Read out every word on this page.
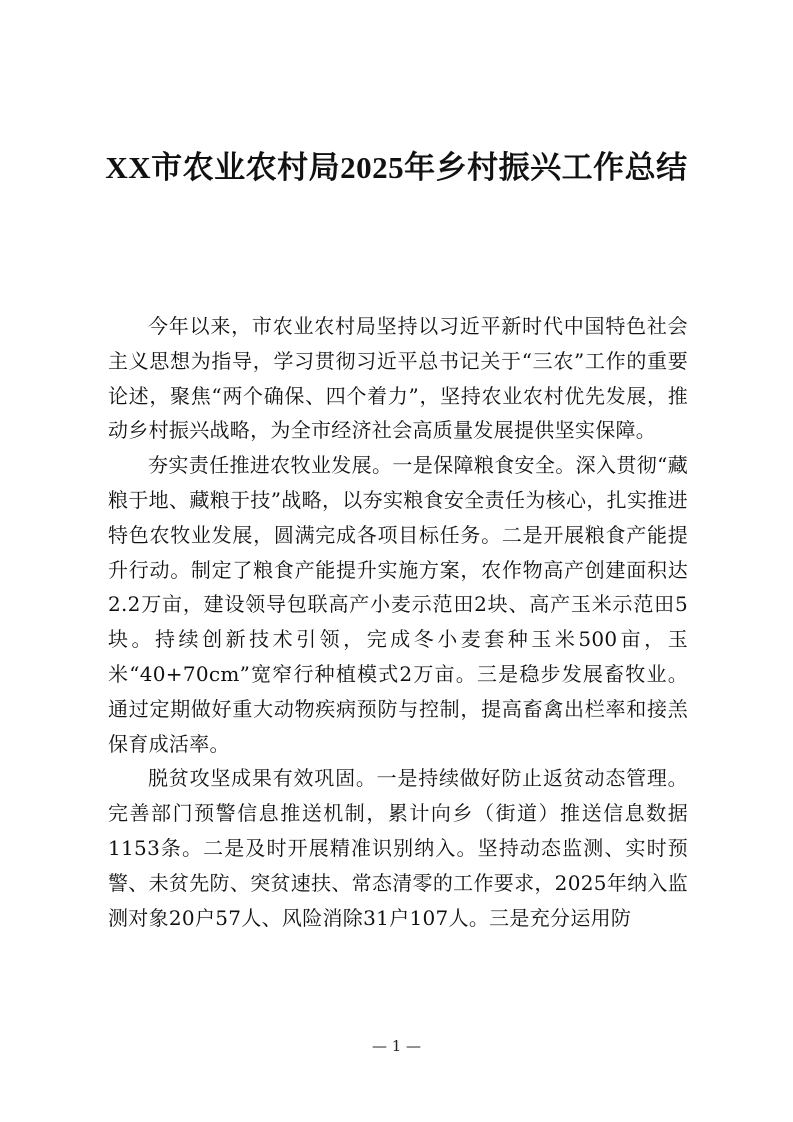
XX市农业农村局2025年乡村振兴工作总结

今年以来，市农业农村局坚持以习近平新时代中国特色社会主义思想为指导，学习贯彻习近平总书记关于“三农”工作的重要论述，聚焦“两个确保、四个着力”，坚持农业农村优先发展，推动乡村振兴战略，为全市经济社会高质量发展提供坚实保障。

夯实责任推进农牧业发展。一是保障粮食安全。深入贯彻“藏粮于地、藏粮于技”战略，以夯实粮食安全责任为核心，扎实推进特色农牧业发展，圆满完成各项目标任务。二是开展粮食产能提升行动。制定了粮食产能提升实施方案，农作物高产创建面积达2.2万亩，建设领导包联高产小麦示范田2块、高产玉米示范田5块。持续创新技术引领，完成冬小麦套种玉米500亩，玉米“40+70cm”宽窄行种植模式2万亩。三是稳步发展畜牧业。通过定期做好重大动物疾病预防与控制，提高畜禽出栏率和接羔保育成活率。

脱贫攻坚成果有效巩固。一是持续做好防止返贫动态管理。完善部门预警信息推送机制，累计向乡（街道）推送信息数据1153条。二是及时开展精准识别纳入。坚持动态监测、实时预警、未贫先防、突贫速扶、常态清零的工作要求，2025年纳入监测对象20户57人、风险消除31户107人。三是充分运用防

— 1 —
